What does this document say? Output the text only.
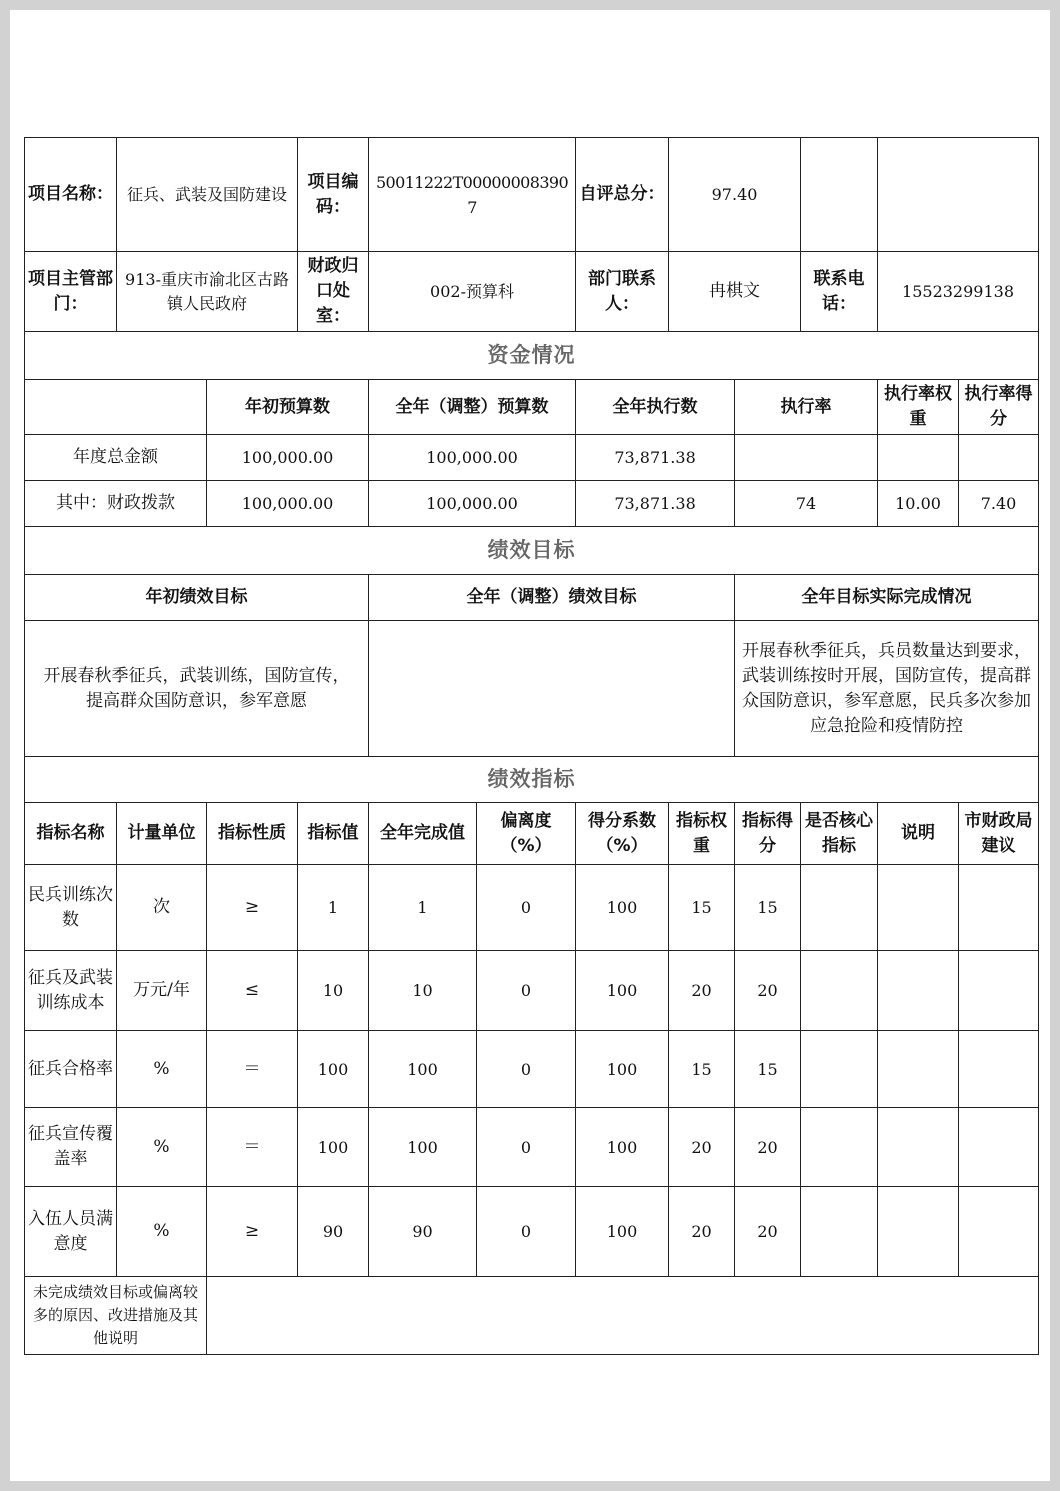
项目名称：	征兵、武装及国防建设		项目编码：	50011222T000000083907		自评总分：	97.40				
项目主管部门：	913-重庆市渝北区古路镇人民政府		财政归口处室：	002-预算科		部门联系人：	冉棋文		联系电话：	15523299138	
资金情况											
		年初预算数		全年（调整）预算数		全年执行数		执行率		执行率权重	执行率得分
年度总金额		100,000.00		100,000.00		73,871.38					
其中：财政拨款		100,000.00		100,000.00		73,871.38		74		10.00	7.40
绩效目标											
年初绩效目标				全年（调整）绩效目标				全年目标实际完成情况			
开展春秋季征兵，武装训练，国防宣传，提高群众国防意识，参军意愿								开展春秋季征兵，兵员数量达到要求，武装训练按时开展，国防宣传，提高群众国防意识，参军意愿，民兵多次参加应急抢险和疫情防控			
绩效指标											
指标名称	计量单位	指标性质	指标值	全年完成值	偏离度（%）	得分系数（%）	指标权重	指标得分	是否核心指标	说明	市财政局建议
民兵训练次数	次	≥	1	1	0	100	15	15			
征兵及武装训练成本	万元/年	≤	10	10	0	100	20	20			
征兵合格率	%	＝	100	100	0	100	15	15			
征兵宣传覆盖率	%	＝	100	100	0	100	20	20			
入伍人员满意度	%	≥	90	90	0	100	20	20			
未完成绩效目标或偏离较多的原因、改进措施及其他说明											
